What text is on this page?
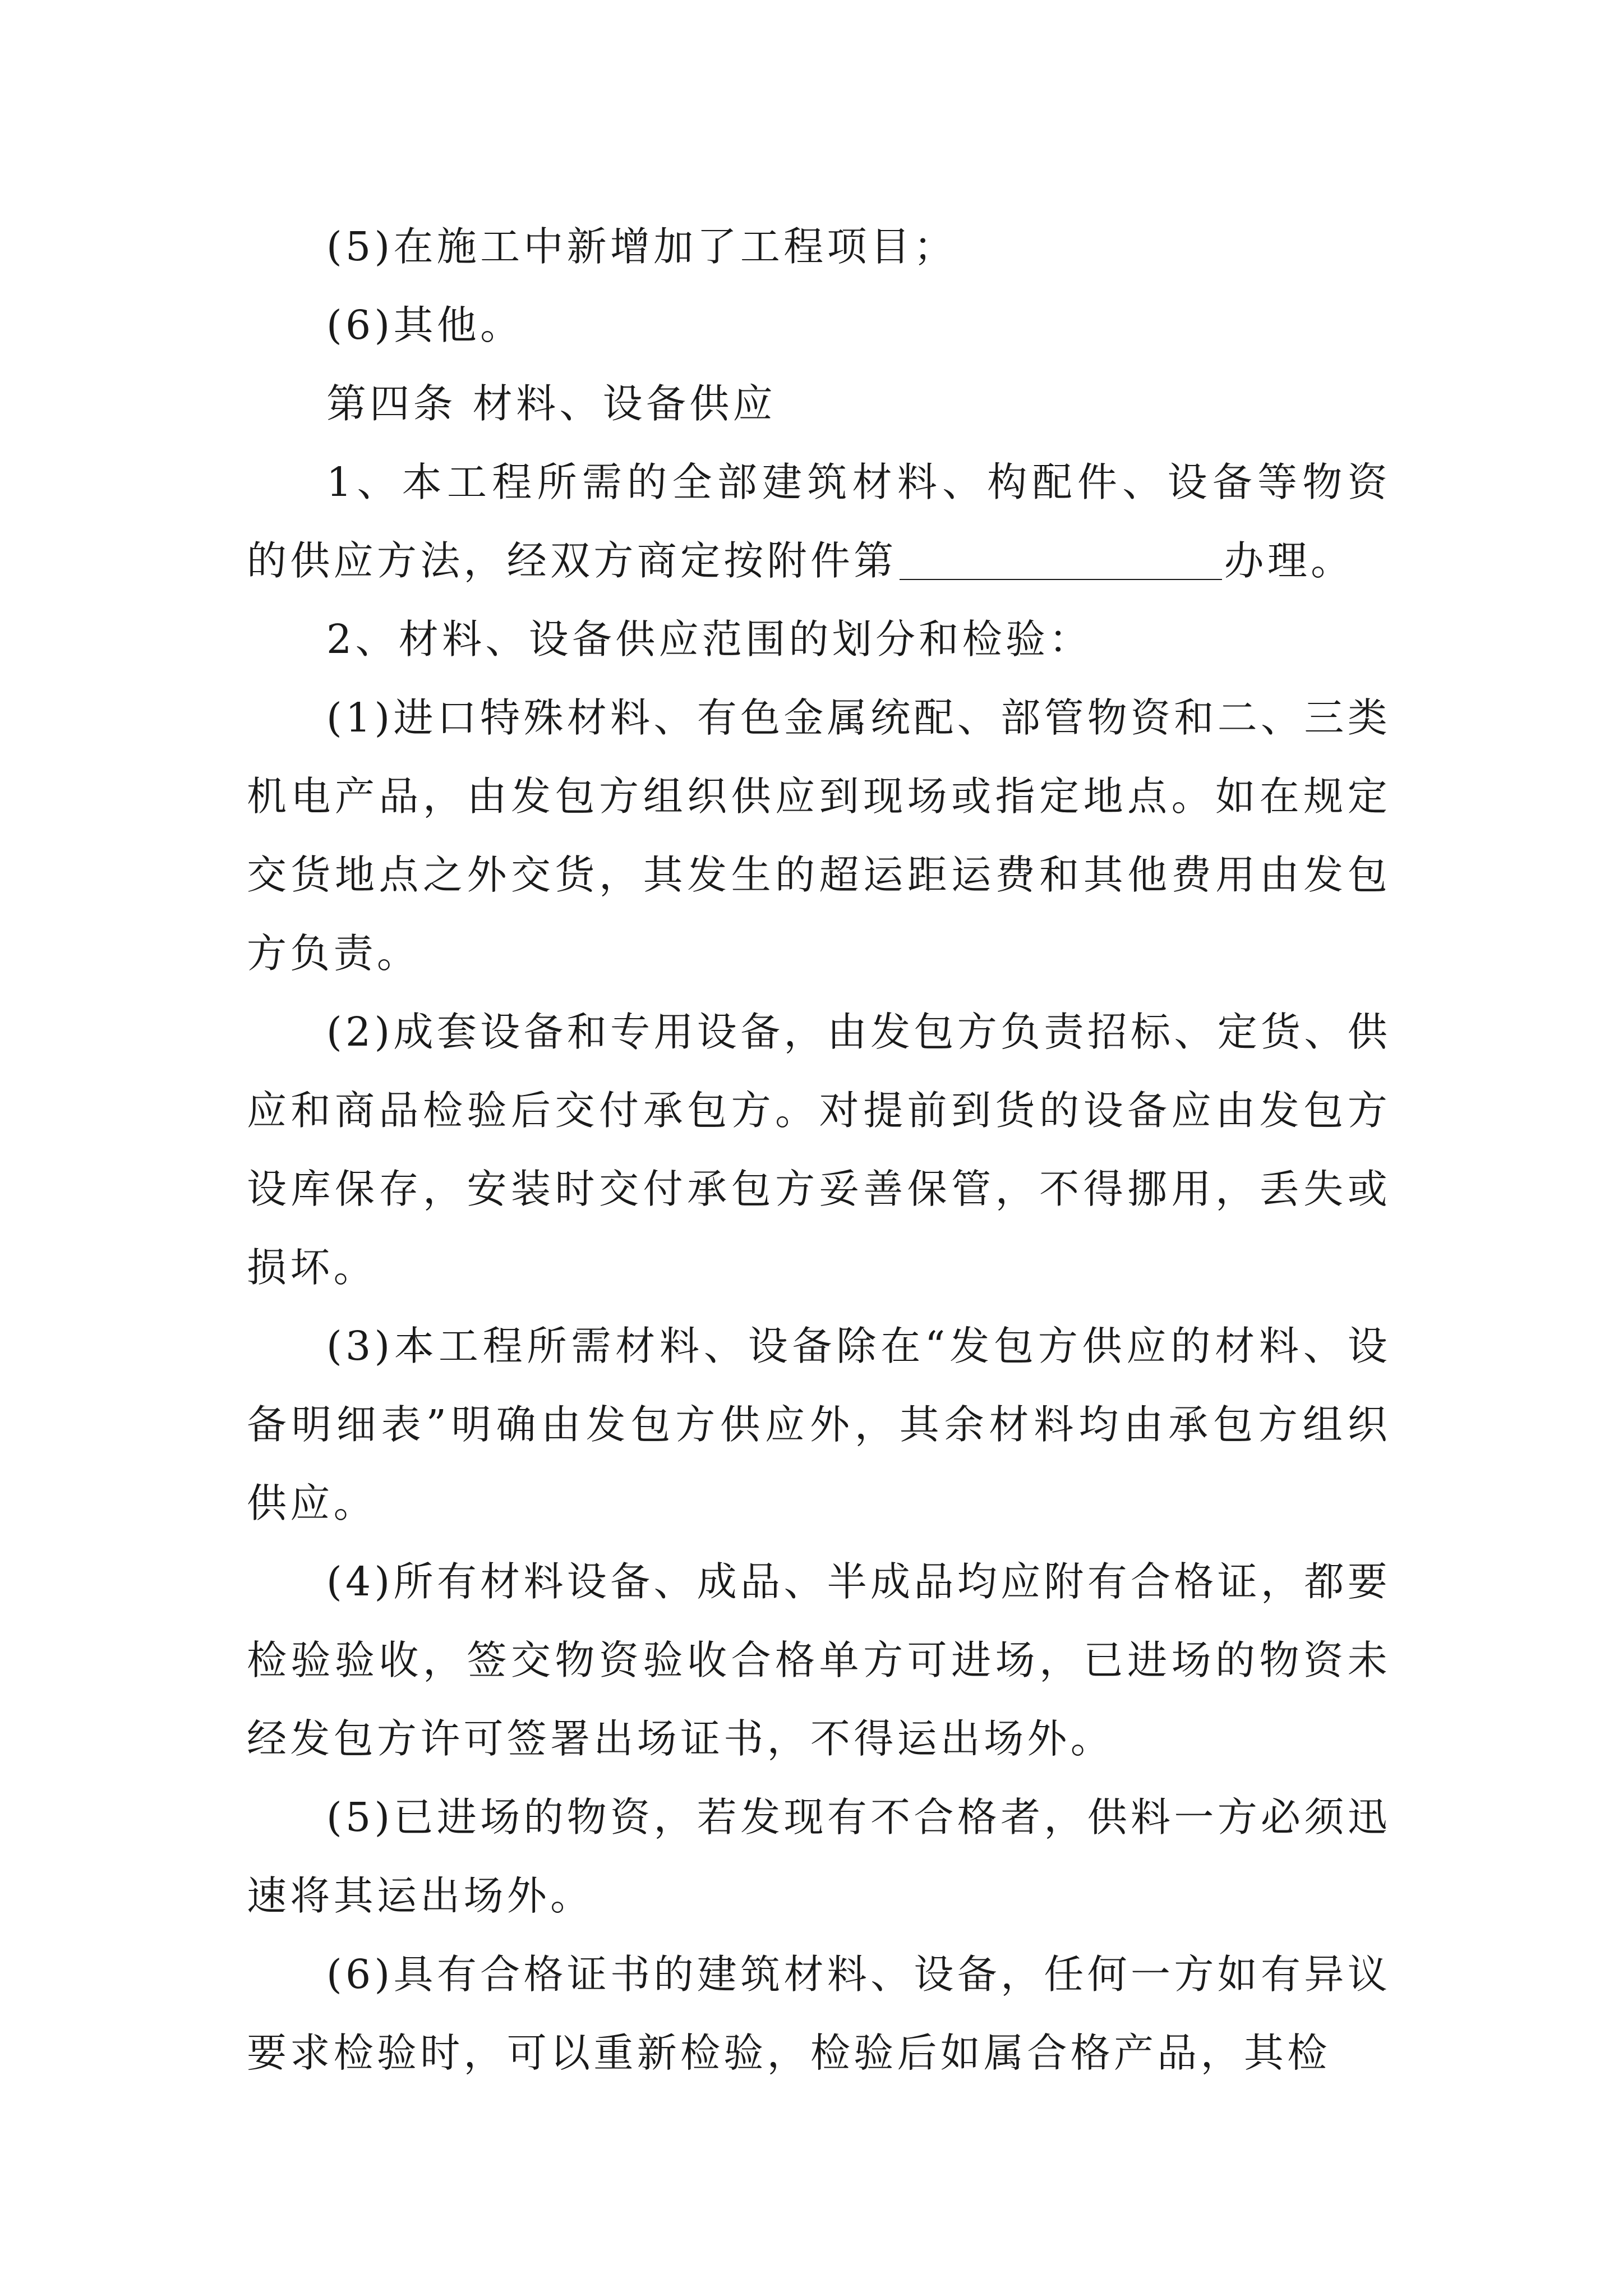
(5)在施工中新增加了工程项目；

(6)其他。

第四条 材料、设备供应

1、本工程所需的全部建筑材料、构配件、设备等物资的供应方法，经双方商定按附件第	办理。

2、材料、设备供应范围的划分和检验：

(1)进口特殊材料、有色金属统配、部管物资和二、三类机电产品，由发包方组织供应到现场或指定地点。如在规定交货地点之外交货，其发生的超运距运费和其他费用由发包方负责。

(2)成套设备和专用设备，由发包方负责招标、定货、供应和商品检验后交付承包方。对提前到货的设备应由发包方设库保存，安装时交付承包方妥善保管，不得挪用，丢失或损坏。

(3)本工程所需材料、设备除在“发包方供应的材料、设备明细表”明确由发包方供应外，其余材料均由承包方组织供应。

(4)所有材料设备、成品、半成品均应附有合格证，都要检验验收，签交物资验收合格单方可进场，已进场的物资未经发包方许可签署出场证书，不得运出场外。

(5)已进场的物资，若发现有不合格者，供料一方必须迅速将其运出场外。

(6)具有合格证书的建筑材料、设备，任何一方如有异议要求检验时，可以重新检验，检验后如属合格产品，其检
